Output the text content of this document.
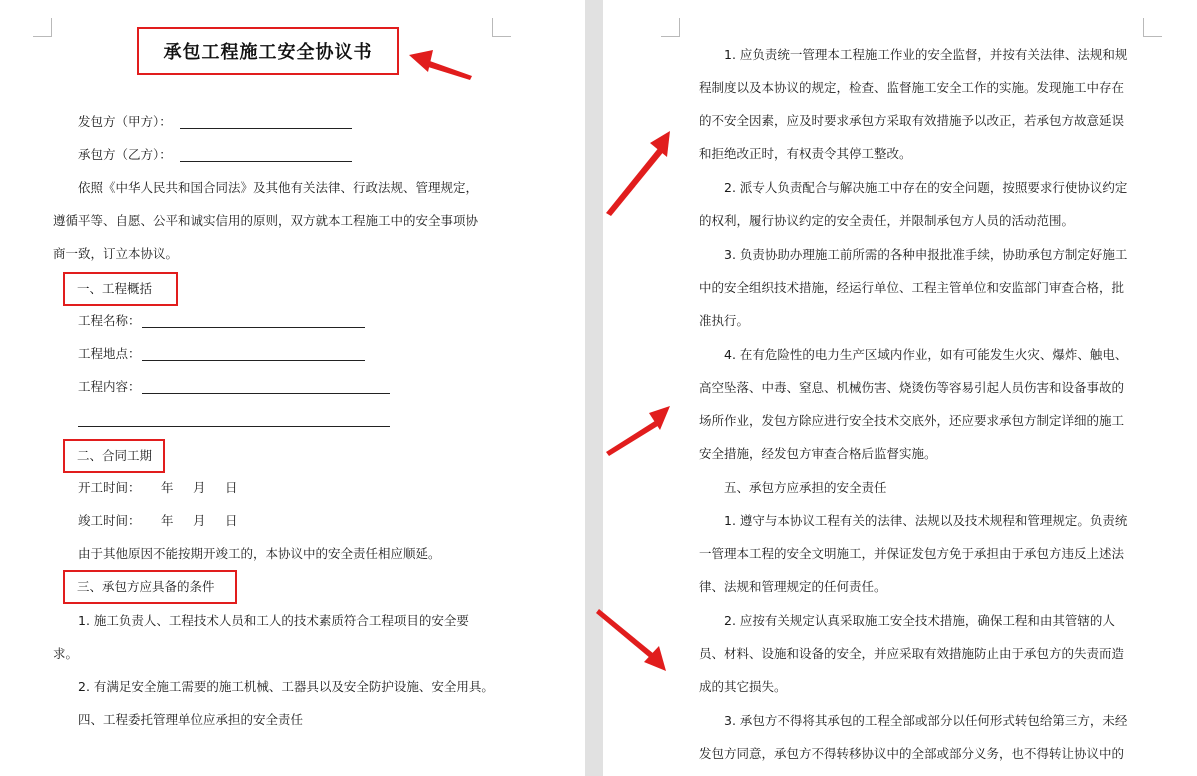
承包工程施工安全协议书
发包方（甲方）：
承包方（乙方）：
依照《中华人民共和国合同法》及其他有关法律、行政法规、管理规定，
遵循平等、自愿、公平和诚实信用的原则，双方就本工程施工中的安全事项协
商一致，订立本协议。
一、工程概括
工程名称：
工程地点：
工程内容：
二、合同工期
开工时间： 年 月 日
竣工时间： 年 月 日
由于其他原因不能按期开竣工的，本协议中的安全责任相应顺延。
三、承包方应具备的条件
1. 施工负责人、工程技术人员和工人的技术素质符合工程项目的安全要
求。
2. 有满足安全施工需要的施工机械、工器具以及安全防护设施、安全用具。
四、工程委托管理单位应承担的安全责任
1. 应负责统一管理本工程施工作业的安全监督，并按有关法律、法规和规
程制度以及本协议的规定，检查、监督施工安全工作的实施。发现施工中存在
的不安全因素，应及时要求承包方采取有效措施予以改正，若承包方故意延误
和拒绝改正时，有权责令其停工整改。
2. 派专人负责配合与解决施工中存在的安全问题，按照要求行使协议约定
的权利，履行协议约定的安全责任，并限制承包方人员的活动范围。
3. 负责协助办理施工前所需的各种申报批准手续，协助承包方制定好施工
中的安全组织技术措施，经运行单位、工程主管单位和安监部门审查合格，批
准执行。
4. 在有危险性的电力生产区域内作业，如有可能发生火灾、爆炸、触电、
高空坠落、中毒、窒息、机械伤害、烧烫伤等容易引起人员伤害和设备事故的
场所作业，发包方除应进行安全技术交底外，还应要求承包方制定详细的施工
安全措施，经发包方审查合格后监督实施。
五、承包方应承担的安全责任
1. 遵守与本协议工程有关的法律、法规以及技术规程和管理规定。负责统
一管理本工程的安全文明施工，并保证发包方免于承担由于承包方违反上述法
律、法规和管理规定的任何责任。
2. 应按有关规定认真采取施工安全技术措施，确保工程和由其管辖的人
员、材料、设施和设备的安全，并应采取有效措施防止由于承包方的失责而造
成的其它损失。
3. 承包方不得将其承包的工程全部或部分以任何形式转包给第三方，未经
发包方同意，承包方不得转移协议中的全部或部分义务，也不得转让协议中的
